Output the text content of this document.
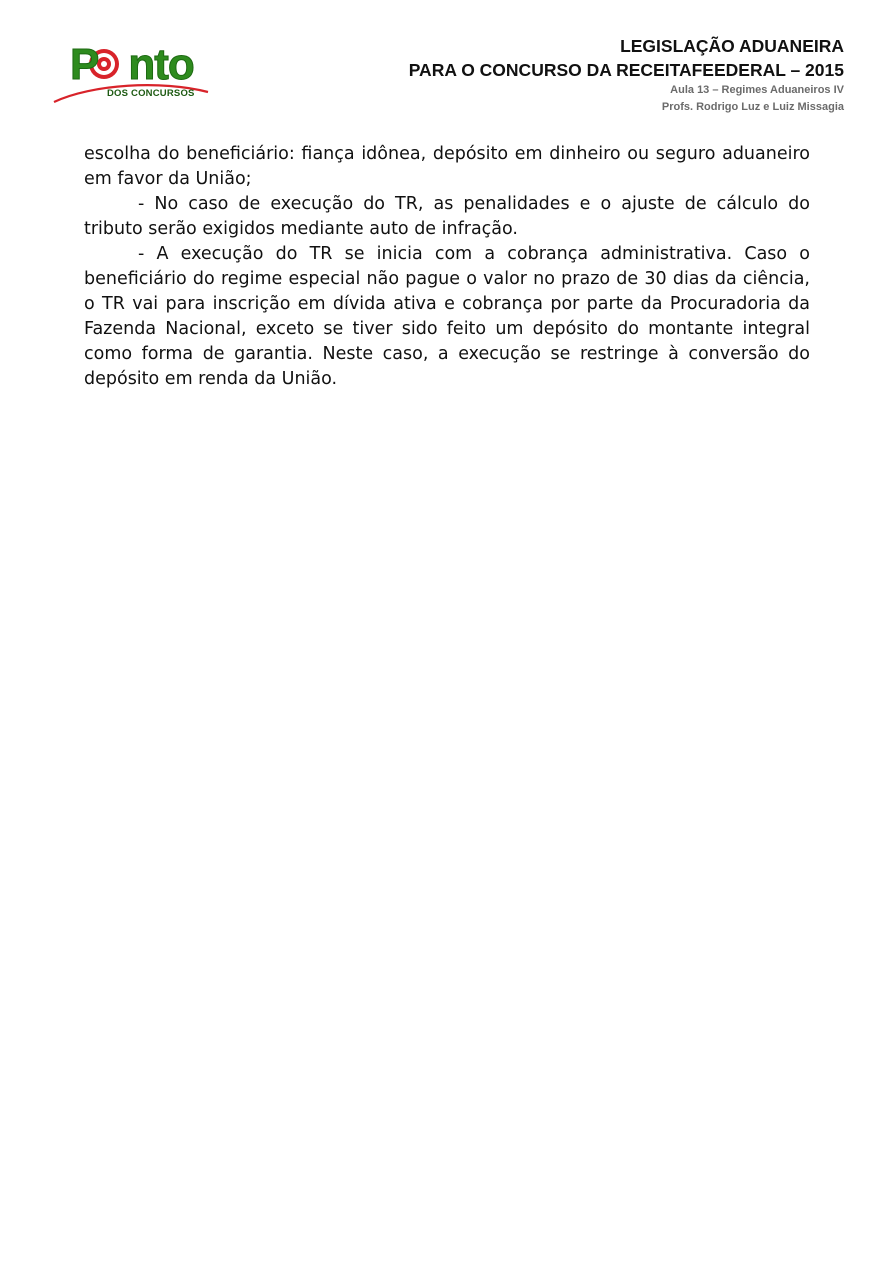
P nto
DOS CONCURSOS
LEGISLAÇÃO ADUANEIRA
PARA O CONCURSO DA RECEITAFEEDERAL – 2015
Aula 13 – Regimes Aduaneiros IV
Profs. Rodrigo Luz e Luiz Missagia

escolha do beneficiário: fiança idônea, depósito em dinheiro ou seguro aduaneiro em favor da União;

- No caso de execução do TR, as penalidades e o ajuste de cálculo do tributo serão exigidos mediante auto de infração.

- A execução do TR se inicia com a cobrança administrativa. Caso o beneficiário do regime especial não pague o valor no prazo de 30 dias da ciência, o TR vai para inscrição em dívida ativa e cobrança por parte da Procuradoria da Fazenda Nacional, exceto se tiver sido feito um depósito do montante integral como forma de garantia. Neste caso, a execução se restringe à conversão do depósito em renda da União.
